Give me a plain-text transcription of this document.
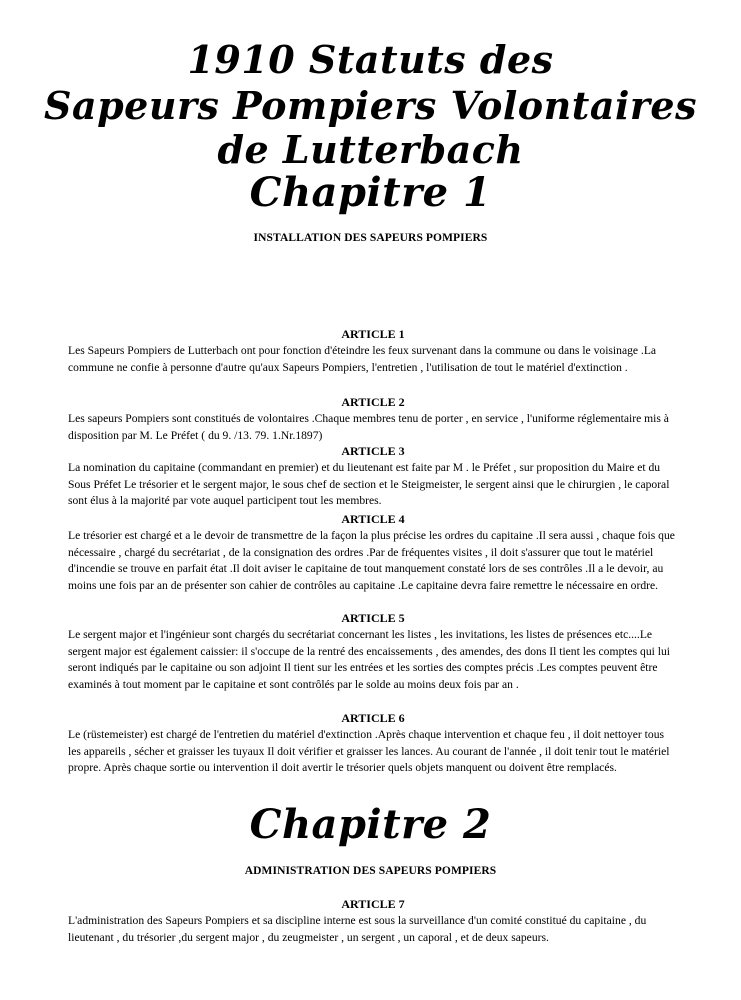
1910 Statuts des
Sapeurs Pompiers Volontaires
de Lutterbach
Chapitre 1
INSTALLATION DES SAPEURS POMPIERS
ARTICLE 1
Les Sapeurs Pompiers de Lutterbach ont pour fonction d'éteindre les feux survenant dans la commune ou dans le voisinage .La commune ne confie à personne d'autre qu'aux Sapeurs Pompiers, l'entretien , l'utilisation de tout le matériel d'extinction .
ARTICLE 2
Les sapeurs Pompiers sont constitués de volontaires .Chaque membres tenu de porter , en service , l'uniforme réglementaire mis à disposition par M. Le Préfet ( du 9. /13. 79. 1.Nr.1897)
ARTICLE 3
La nomination du capitaine (commandant en premier) et du lieutenant est faite par M . le Préfet , sur proposition du Maire et du Sous Préfet Le trésorier et le sergent major, le sous chef de section et le Steigmeister, le sergent ainsi que le chirurgien , le caporal sont élus à la majorité par vote auquel participent tout les membres.
ARTICLE 4
Le trésorier est chargé et a le devoir de transmettre de la façon la plus précise les ordres du capitaine .Il sera aussi , chaque fois que nécessaire , chargé du secrétariat , de la consignation des ordres .Par de fréquentes visites , il doit s'assurer que tout le matériel d'incendie se trouve en parfait état .Il doit aviser le capitaine de tout manquement constaté lors de ses contrôles .Il a le devoir, au moins une fois par an de présenter son cahier de contrôles au capitaine .Le capitaine devra faire remettre le nécessaire en ordre.
ARTICLE 5
Le sergent major et l'ingénieur sont chargés du secrétariat concernant les listes , les invitations, les listes de présences etc....Le sergent major est également caissier: il s'occupe de la rentré des encaissements , des amendes, des dons Il tient les comptes qui lui seront indiqués par le capitaine ou son adjoint Il tient sur les entrées et les sorties des comptes précis .Les comptes peuvent être examinés à tout moment par le capitaine et sont contrôlés par le solde au moins deux fois par an .
ARTICLE 6
Le (rüstemeister) est chargé de l'entretien du matériel d'extinction .Après chaque intervention et chaque feu , il doit nettoyer tous les appareils , sécher et graisser les tuyaux Il doit vérifier et graisser les lances. Au courant de l'année , il doit tenir tout le matériel propre. Après chaque sortie ou intervention il doit avertir le trésorier quels objets manquent ou doivent être remplacés.
Chapitre 2
ADMINISTRATION DES SAPEURS POMPIERS
ARTICLE 7
L'administration des Sapeurs Pompiers et sa discipline interne est sous la surveillance d'un comité constitué du capitaine , du lieutenant , du trésorier ,du sergent major , du zeugmeister , un sergent , un caporal , et de deux sapeurs.
